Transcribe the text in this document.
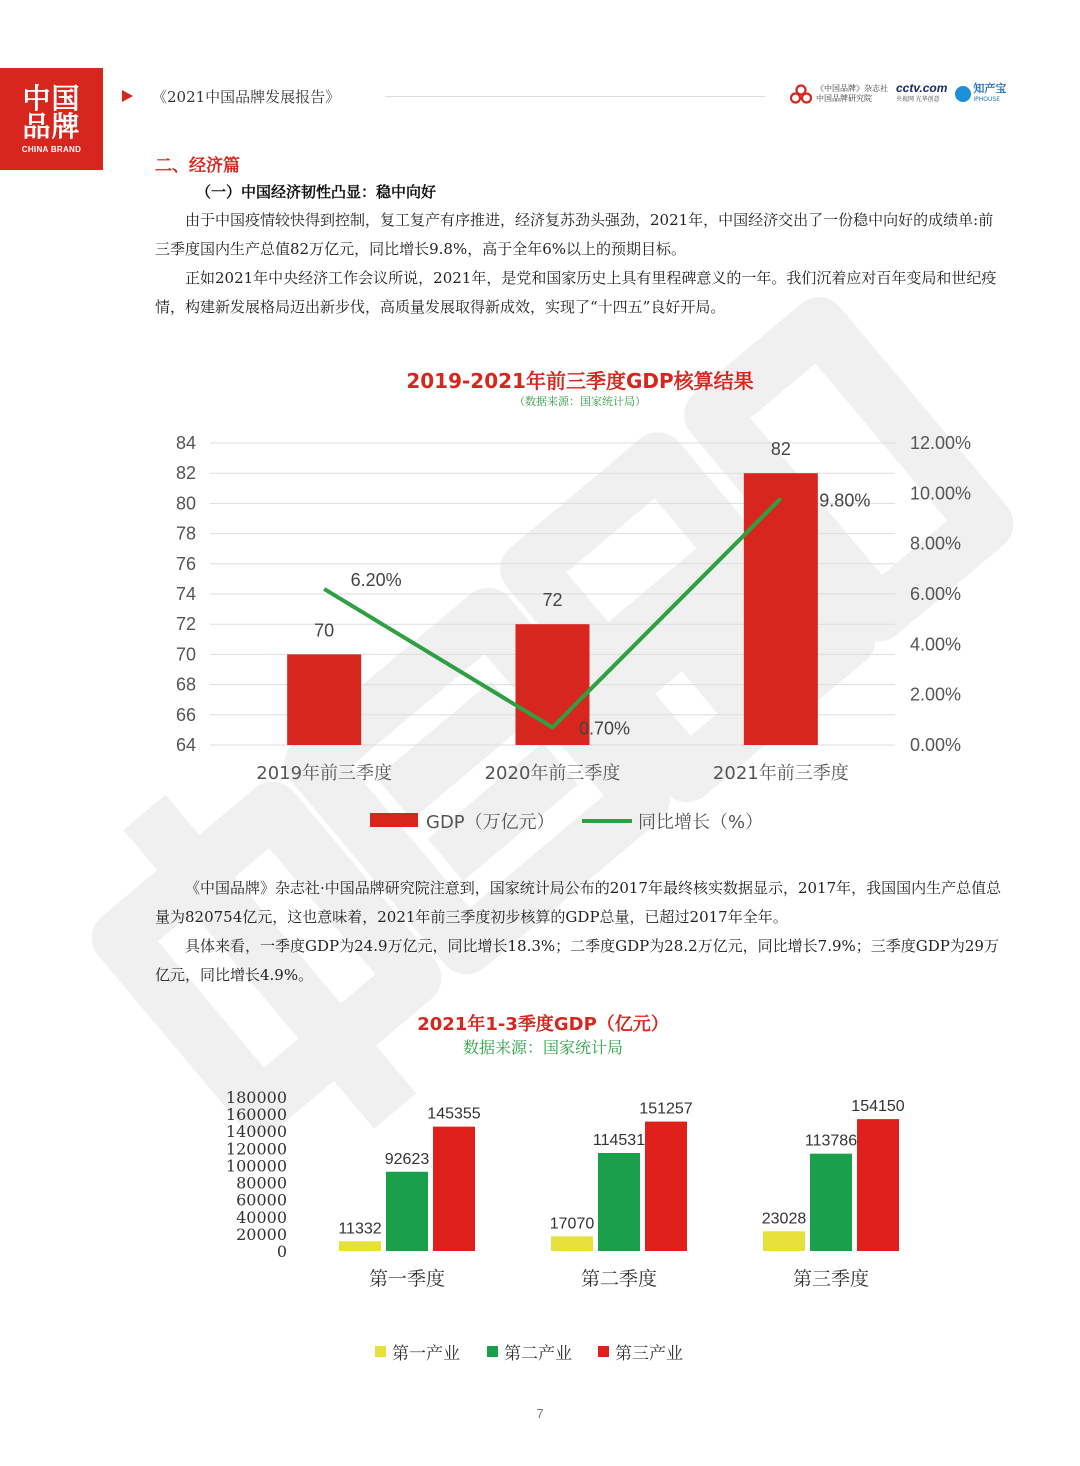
中国品牌
CHINA BRAND
《2021中国品牌发展报告》	《中国品牌》杂志社
中国品牌研究院
cctv.com
央视网 光华创意
知产宝
IPHOUSE
二、经济篇
（一）中国经济韧性凸显：稳中向好

由于中国疫情较快得到控制，复工复产有序推进，经济复苏劲头强劲，2021年，中国经济交出了一份稳中向好的成绩单:前三季度国内生产总值82万亿元，同比增长9.8%，高于全年6%以上的预期目标。

正如2021年中央经济工作会议所说，2021年，是党和国家历史上具有里程碑意义的一年。我们沉着应对百年变局和世纪疫情，构建新发展格局迈出新步伐，高质量发展取得新成效，实现了“十四五”良好开局。

2019-2021年前三季度GDP核算结果
（数据来源：国家统计局）
64
66
68
70
72
74
76
78
80
82
84
0.00%
2.00%
4.00%
6.00%
8.00%
10.00%
12.00%
70
72
82
6.20%
0.70%
9.80%
2019年前三季度	2020年前三季度	2021年前三季度
GDP（万亿元）	同比增长（%）

《中国品牌》杂志社·中国品牌研究院注意到，国家统计局公布的2017年最终核实数据显示，2017年，我国国内生产总值总量为820754亿元，这也意味着，2021年前三季度初步核算的GDP总量，已超过2017年全年。

具体来看，一季度GDP为24.9万亿元，同比增长18.3%；二季度GDP为28.2万亿元，同比增长7.9%；三季度GDP为29万亿元，同比增长4.9%。

2021年1-3季度GDP（亿元）
数据来源：国家统计局
0
20000
40000
60000
80000
100000
120000
140000
160000
180000
11332
92623
145355
第一季度
17070
114531
151257
第二季度
23028
113786
154150
第三季度
第一产业	第二产业	第三产业
7
